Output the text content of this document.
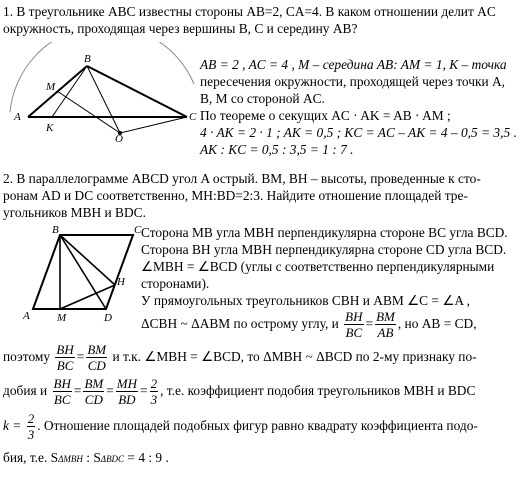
1. В треугольнике ABC известны стороны AB=2, CA=4. В каком отношении делит AC
окружность, проходящая через вершины B, C и середину AB?
A
B
C
M
K
O
AB = 2 , AC = 4 , M – середина AB: AM = 1, K – точка
пересечения окружности, проходящей через точки A,
B, M со стороной AC.
По теореме о секущих AC · AK = AB · AM ;
4 · AK = 2 · 1 ; AK = 0,5 ; KC = AC – AK = 4 – 0,5 = 3,5 .
AK : KC = 0,5 : 3,5 = 1 : 7 .
2. В параллелограмме ABCD угол A острый. BM, BH – высоты, проведенные к сто-
ронам AD и DC соответственно, MH:BD=2:3. Найдите отношение площадей тре-
угольников MBH и BDC.
B	C
A M	D
H
Сторона MB угла MBH перпендикулярна стороне BC угла BCD.
Сторона BH угла MBH перпендикулярна стороне CD угла BCD.
∠MBH = ∠BCD (углы с соответственно перпендикулярными
сторонами).
У прямоугольных треугольников CBH и ABM ∠C = ∠A ,
ΔCBH ~ ΔABM по острому углу, и $\frac{BH}{BC} = \frac{BM}{AB}$ , но AB = CD,
поэтому $\frac{BH}{BC} = \frac{BM}{CD}$ и т.к. ∠MBH = ∠BCD, то ΔMBH ~ ΔBCD по 2-му признаку по-
добия и $\frac{BH}{BC} = \frac{BM}{CD} = \frac{MH}{BD} = \frac{2}{3}$ , т.е. коэффициент подобия треугольников MBH и BDC
$k = \frac{2}{3}$ . Отношение площадей подобных фигур равно квадрату коэффициента подо-
бия, т.е. SΔMBH : SΔBDC = 4 : 9 .
